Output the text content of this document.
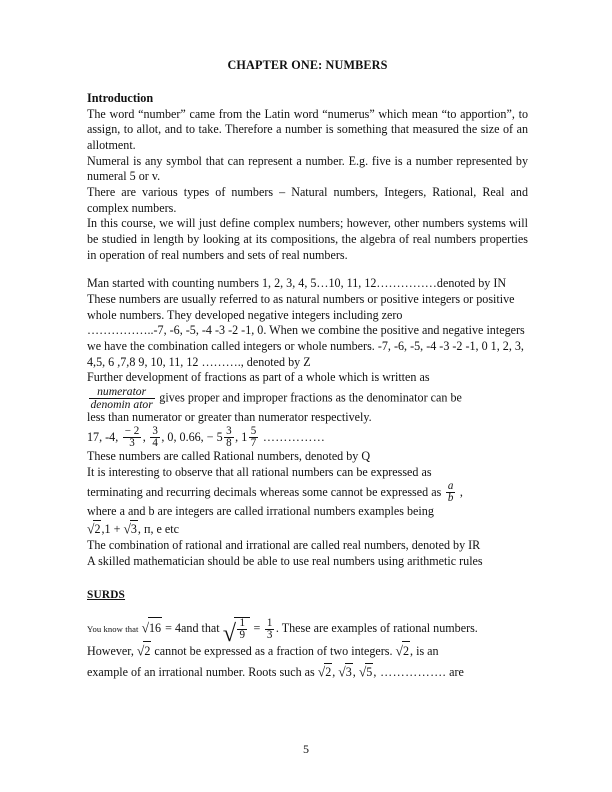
CHAPTER ONE: NUMBERS
Introduction

The word “number” came from the Latin word “numerus” which mean “to apportion”, to assign, to allot, and to take. Therefore a number is something that measured the size of an allotment.

Numeral is any symbol that can represent a number. E.g. five is a number represented by numeral 5 or v.

There are various types of numbers – Natural numbers, Integers, Rational, Real and complex numbers.

In this course, we will just define complex numbers; however, other numbers systems will be studied in length by looking at its compositions, the algebra of real numbers properties in operation of real numbers and sets of real numbers.

Man started with counting numbers 1, 2, 3, 4, 5…10, 11, 12……………denoted by IN

These numbers are usually referred to as natural numbers or positive integers or positive whole numbers. They developed negative integers including zero

……………..-7, -6, -5, -4 -3 -2 -1, 0. When we combine the positive and negative integers we have the combination called integers or whole numbers. -7, -6, -5, -4 -3 -2 -1, 0 1, 2, 3, 4,5, 6 ,7,8 9, 10, 11, 12 ………., denoted by Z

Further development of fractions as part of a whole which is written as

$\frac{\text{numerator}}{\text{denomin ator}}$ gives proper and improper fractions as the denominator can be

less than numerator or greater than numerator respectively.

17, -4, $\frac{- 2}{3}$ , $\frac{3}{4}$ , 0, 0.66, − $5 \frac{3}{8}$ , $1 \frac{5}{7}$ ……………

These numbers are called Rational numbers, denoted by Q

It is interesting to observe that all rational numbers can be expressed as

terminating and recurring decimals whereas some cannot be expressed as $\frac{a}{b}$ ,

where a and b are integers are called irrational numbers examples being

√2,1 + √3, п, e etc

The combination of rational and irrational are called real numbers, denoted by IR

A skilled mathematician should be able to use real numbers using arithmetic rules

SURDS

You know that √16 = 4and that √ $\frac{1}{9} = \frac{1}{3}$ . These are examples of rational numbers.

However, √2 cannot be expressed as a fraction of two integers. √2, is an

example of an irrational number. Roots such as √2, √3, √5, ……………. are

5
